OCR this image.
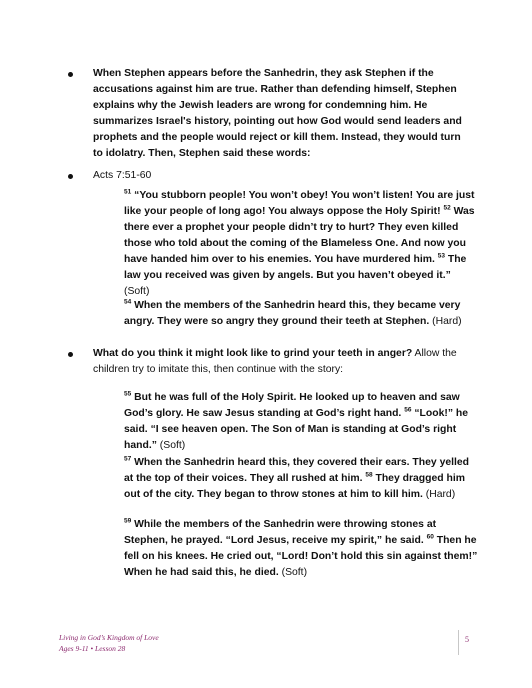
When Stephen appears before the Sanhedrin, they ask Stephen if the accusations against him are true. Rather than defending himself, Stephen explains why the Jewish leaders are wrong for condemning him. He summarizes Israel's history, pointing out how God would send leaders and prophets and the people would reject or kill them. Instead, they would turn to idolatry. Then, Stephen said these words:
Acts 7:51-60
$^{51}$ “You stubborn people! You won’t obey! You won’t listen! You are just like your people of long ago! You always oppose the Holy Spirit! $^{52}$ Was there ever a prophet your people didn’t try to hurt? They even killed those who told about the coming of the Blameless One. And now you have handed him over to his enemies. You have murdered him. $^{53}$ The law you received was given by angels. But you haven’t obeyed it.” (Soft)
$^{54}$ When the members of the Sanhedrin heard this, they became very angry. They were so angry they ground their teeth at Stephen. (Hard)
What do you think it might look like to grind your teeth in anger? Allow the children try to imitate this, then continue with the story:
$^{55}$ But he was full of the Holy Spirit. He looked up to heaven and saw God’s glory. He saw Jesus standing at God’s right hand. $^{56}$ “Look!” he said. “I see heaven open. The Son of Man is standing at God’s right hand.” (Soft)
$^{57}$ When the Sanhedrin heard this, they covered their ears. They yelled at the top of their voices. They all rushed at him. $^{58}$ They dragged him out of the city. They began to throw stones at him to kill him. (Hard)
$^{59}$ While the members of the Sanhedrin were throwing stones at Stephen, he prayed. “Lord Jesus, receive my spirit,” he said. $^{60}$ Then he fell on his knees. He cried out, “Lord! Don’t hold this sin against them!” When he had said this, he died. (Soft)
Living in God’s Kingdom of Love
Ages 9-11 • Lesson 28
5
